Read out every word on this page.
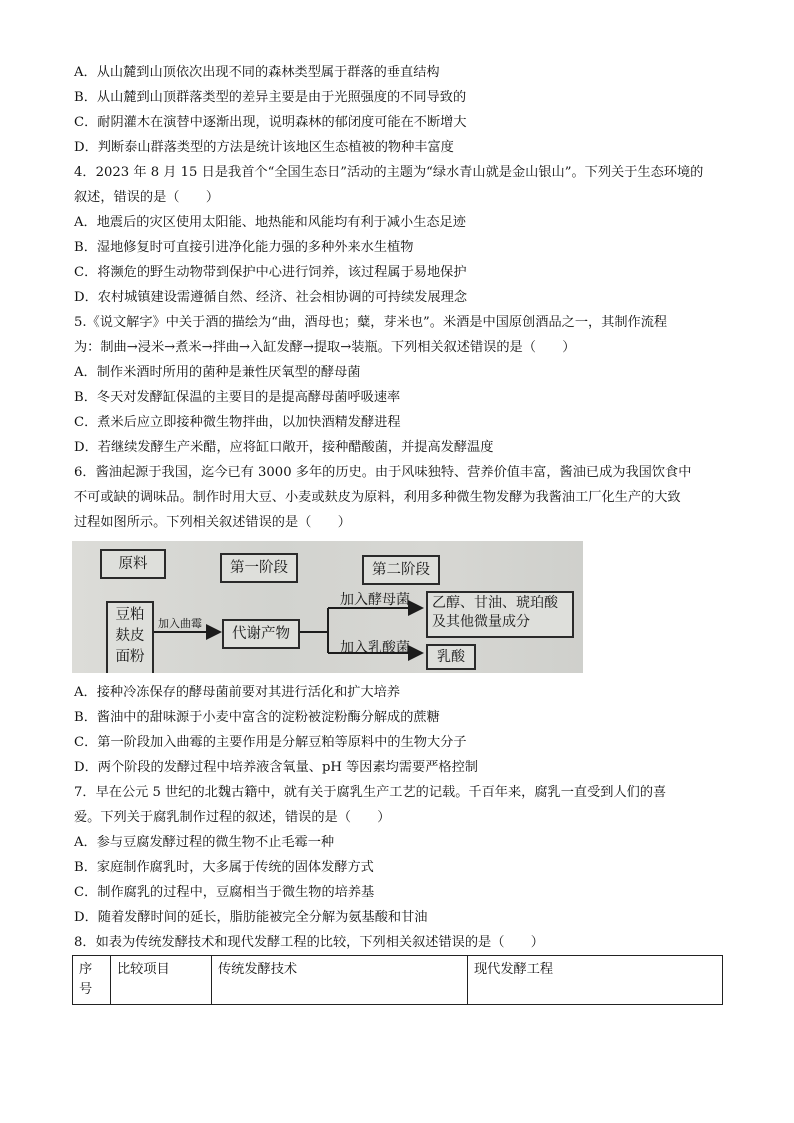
A．从山麓到山顶依次出现不同的森林类型属于群落的垂直结构
B．从山麓到山顶群落类型的差异主要是由于光照强度的不同导致的
C．耐阴灌木在演替中逐渐出现，说明森林的郁闭度可能在不断增大
D．判断泰山群落类型的方法是统计该地区生态植被的物种丰富度
4．2023 年 8 月 15 日是我首个“全国生态日”活动的主题为“绿水青山就是金山银山”。下列关于生态环境的
叙述，错误的是（　　）
A．地震后的灾区使用太阳能、地热能和风能均有利于减小生态足迹
B．湿地修复时可直接引进净化能力强的多种外来水生植物
C．将濒危的野生动物带到保护中心进行饲养，该过程属于易地保护
D．农村城镇建设需遵循自然、经济、社会相协调的可持续发展理念
5.《说文解字》中关于酒的描绘为“曲，酒母也；糵，芽米也”。米酒是中国原创酒品之一，其制作流程
为：制曲→浸米→煮米→拌曲→入缸发酵→提取→装瓶。下列相关叙述错误的是（　　）
A．制作米酒时所用的菌种是兼性厌氧型的酵母菌
B．冬天对发酵缸保温的主要目的是提高酵母菌呼吸速率
C．煮米后应立即接种微生物拌曲，以加快酒精发酵进程
D．若继续发酵生产米醋，应将缸口敞开，接种醋酸菌，并提高发酵温度
6．酱油起源于我国，迄今已有 3000 多年的历史。由于风味独特、营养价值丰富，酱油已成为我国饮食中
不可或缺的调味品。制作时用大豆、小麦或麸皮为原料，利用多种微生物发酵为我酱油工厂化生产的大致
过程如图所示。下列相关叙述错误的是（　　）
原料	第一阶段	第二阶段
豆粕
麸皮
面粉
加入曲霉
代谢产物
加入酵母菌
加入乳酸菌
乙醇、甘油、琥珀酸
及其他微量成分
乳酸
A．接种冷冻保存的酵母菌前要对其进行活化和扩大培养
B．酱油中的甜味源于小麦中富含的淀粉被淀粉酶分解成的蔗糖
C．第一阶段加入曲霉的主要作用是分解豆粕等原料中的生物大分子
D．两个阶段的发酵过程中培养液含氧量、pH 等因素均需要严格控制
7．早在公元 5 世纪的北魏古籍中，就有关于腐乳生产工艺的记载。千百年来，腐乳一直受到人们的喜
爱。下列关于腐乳制作过程的叙述，错误的是（　　）
A．参与豆腐发酵过程的微生物不止毛霉一种
B．家庭制作腐乳时，大多属于传统的固体发酵方式
C．制作腐乳的过程中，豆腐相当于微生物的培养基
D．随着发酵时间的延长，脂肪能被完全分解为氨基酸和甘油
8．如表为传统发酵技术和现代发酵工程的比较，下列相关叙述错误的是（　　）
序
号
	比较项目	传统发酵技术	现代发酵工程
